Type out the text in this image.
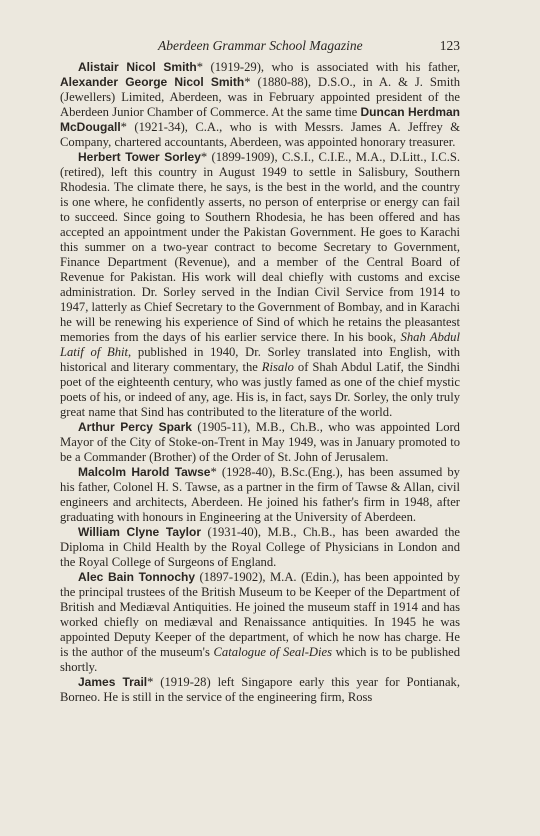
Aberdeen Grammar School Magazine	123

Alistair Nicol Smith* (1919-29), who is associated with his father, Alexander George Nicol Smith* (1880-88), D.S.O., in A. & J. Smith (Jewellers) Limited, Aberdeen, was in February appointed president of the Aberdeen Junior Chamber of Commerce. At the same time Duncan Herdman McDougall* (1921-34), C.A., who is with Messrs. James A. Jeffrey & Company, chartered accountants, Aberdeen, was appointed honorary treasurer.

Herbert Tower Sorley* (1899-1909), C.S.I., C.I.E., M.A., D.Litt., I.C.S. (retired), left this country in August 1949 to settle in Salisbury, Southern Rhodesia. The climate there, he says, is the best in the world, and the country is one where, he confidently asserts, no person of enterprise or energy can fail to succeed. Since going to Southern Rhodesia, he has been offered and has accepted an appointment under the Pakistan Government. He goes to Karachi this summer on a two-year contract to become Secretary to Government, Finance Department (Revenue), and a member of the Central Board of Revenue for Pakistan. His work will deal chiefly with customs and excise administration. Dr. Sorley served in the Indian Civil Service from 1914 to 1947, latterly as Chief Secretary to the Government of Bombay, and in Karachi he will be renewing his experience of Sind of which he retains the pleasantest memories from the days of his earlier service there. In his book, Shah Abdul Latif of Bhit, published in 1940, Dr. Sorley translated into English, with historical and literary commentary, the Risalo of Shah Abdul Latif, the Sindhi poet of the eighteenth century, who was justly famed as one of the chief mystic poets of his, or indeed of any, age. His is, in fact, says Dr. Sorley, the only truly great name that Sind has contributed to the literature of the world.

Arthur Percy Spark (1905-11), M.B., Ch.B., who was appointed Lord Mayor of the City of Stoke-on-Trent in May 1949, was in January promoted to be a Commander (Brother) of the Order of St. John of Jerusalem.

Malcolm Harold Tawse* (1928-40), B.Sc.(Eng.), has been assumed by his father, Colonel H. S. Tawse, as a partner in the firm of Tawse & Allan, civil engineers and architects, Aberdeen. He joined his father's firm in 1948, after graduating with honours in Engineering at the University of Aberdeen.

William Clyne Taylor (1931-40), M.B., Ch.B., has been awarded the Diploma in Child Health by the Royal College of Physicians in London and the Royal College of Surgeons of England.

Alec Bain Tonnochy (1897-1902), M.A. (Edin.), has been appointed by the principal trustees of the British Museum to be Keeper of the Department of British and Mediæval Antiquities. He joined the museum staff in 1914 and has worked chiefly on mediæval and Renaissance antiquities. In 1945 he was appointed Deputy Keeper of the department, of which he now has charge. He is the author of the museum's Catalogue of Seal-Dies which is to be published shortly.

James Trail* (1919-28) left Singapore early this year for Pontianak, Borneo. He is still in the service of the engineering firm, Ross
